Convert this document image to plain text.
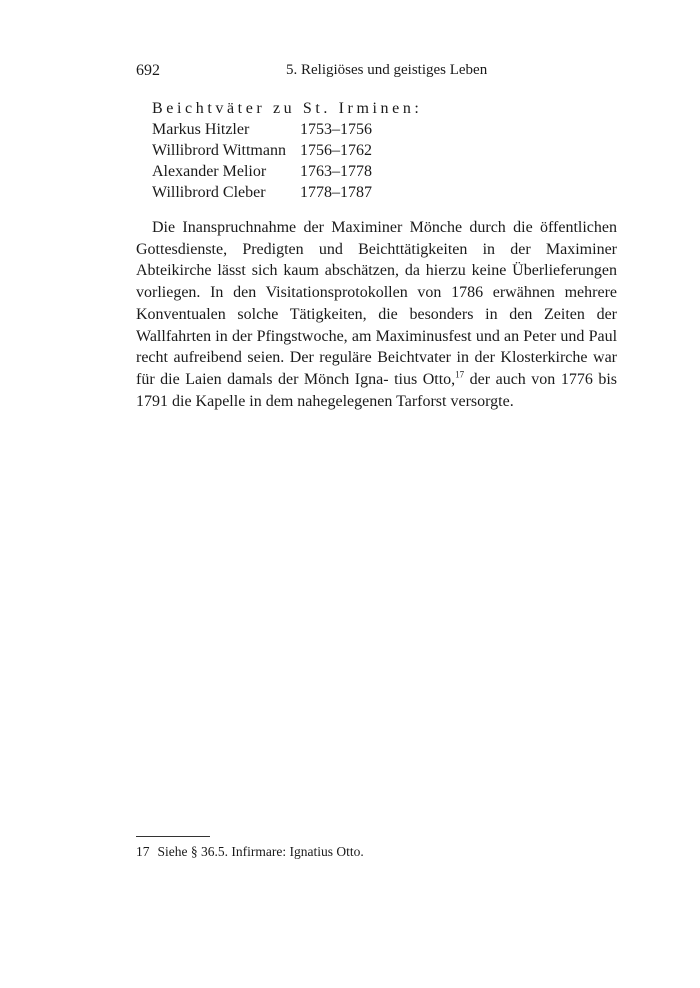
692	5. Religiöses und geistiges Leben
Beichtväter zu St. Irminen:
Markus Hitzler	1753–1756
Willibrord Wittmann 1756–1762
Alexander Melior	1763–1778
Willibrord Cleber	1778–1787
Die Inanspruchnahme der Maximiner Mönche durch die öffentlichen Gottesdienste, Predigten und Beichttätigkeiten in der Maximiner Abteikirche lässt sich kaum abschätzen, da hierzu keine Überlieferungen vorliegen. In den Visitationsprotokollen von 1786 erwähnen mehrere Konventualen solche Tätigkeiten, die besonders in den Zeiten der Wallfahrten in der Pfingstwoche, am Maximinusfest und an Peter und Paul recht aufreibend seien. Der reguläre Beichtvater in der Klosterkirche war für die Laien damals der Mönch Igna- tius Otto,$^{17}$ der auch von 1776 bis 1791 die Kapelle in dem nahegelegenen Tarforst versorgte.
17 Siehe § 36.5. Infirmare: Ignatius Otto.
